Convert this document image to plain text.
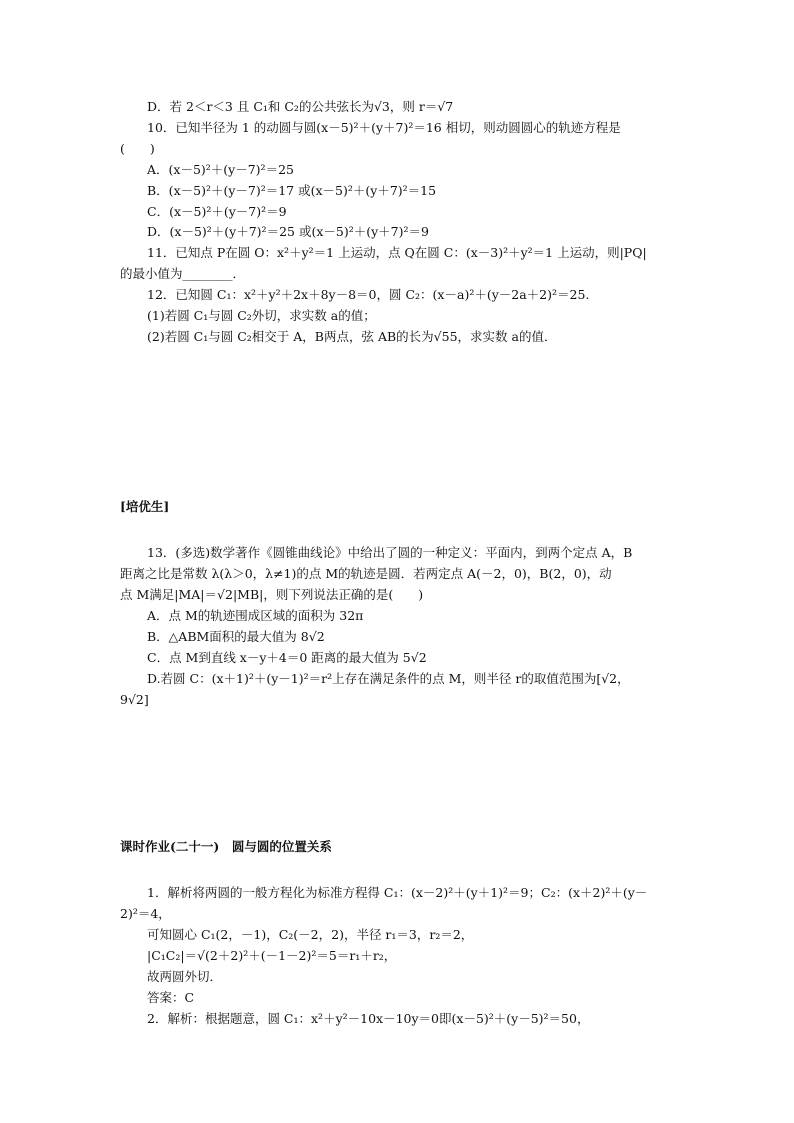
D．若 2＜r＜3 且 C₁和 C₂的公共弦长为√3，则 r＝√7
10．已知半径为 1 的动圆与圆(x－5)²＋(y＋7)²＝16 相切，则动圆圆心的轨迹方程是
(　　)
A．(x－5)²＋(y－7)²＝25
B．(x－5)²＋(y－7)²＝17 或(x－5)²＋(y＋7)²＝15
C．(x－5)²＋(y－7)²＝9
D．(x－5)²＋(y＋7)²＝25 或(x－5)²＋(y＋7)²＝9
11．已知点 P在圆 O：x²＋y²＝1 上运动，点 Q在圆 C：(x－3)²＋y²＝1 上运动，则|PQ|
的最小值为________．
12．已知圆 C₁：x²＋y²＋2x＋8y－8＝0，圆 C₂：(x－a)²＋(y－2a＋2)²＝25.
(1)若圆 C₁与圆 C₂外切，求实数 a的值；
(2)若圆 C₁与圆 C₂相交于 A，B两点，弦 AB的长为√55，求实数 a的值．
[培优生]
13．(多选)数学著作《圆锥曲线论》中给出了圆的一种定义：平面内，到两个定点 A，B
距离之比是常数 λ(λ＞0，λ≠1)的点 M的轨迹是圆．若两定点 A(－2，0)，B(2，0)，动
点 M满足|MA|＝√2|MB|，则下列说法正确的是(　　)
A．点 M的轨迹围成区域的面积为 32π
B．△ABM面积的最大值为 8√2
C．点 M到直线 x－y＋4＝0 距离的最大值为 5√2
D.若圆 C：(x＋1)²＋(y－1)²＝r²上存在满足条件的点 M，则半径 r的取值范围为[√2，
9√2]
课时作业(二十一)　圆与圆的位置关系
1．解析将两圆的一般方程化为标准方程得 C₁：(x－2)²＋(y＋1)²＝9；C₂：(x＋2)²＋(y－
2)²＝4，
可知圆心 C₁(2，－1)，C₂(－2，2)，半径 r₁＝3，r₂＝2，
|C₁C₂|＝√(2＋2)²＋(－1－2)²＝5＝r₁＋r₂，
故两圆外切．
答案：C
2．解析：根据题意，圆 C₁：x²＋y²－10x－10y＝0即(x－5)²＋(y－5)²＝50，
